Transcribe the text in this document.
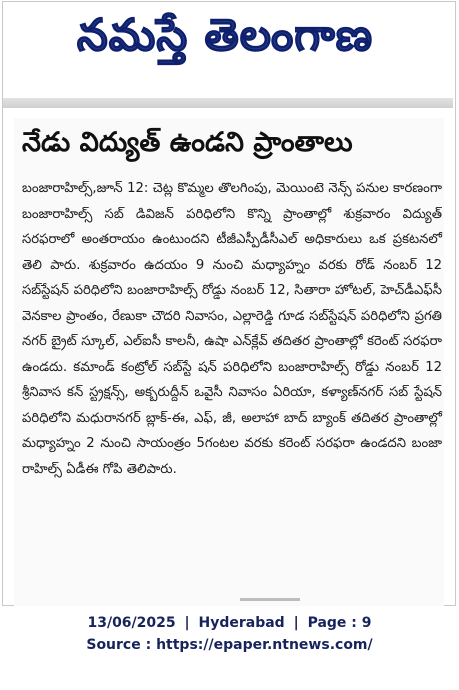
నమస్తే తెలంగాణ
నేడు విద్యుత్ ఉండని ప్రాంతాలు
బంజారాహిల్స్,జూన్ 12: చెట్ల కొమ్మల తొలగింపు, మెయింటె నెన్స్ పనుల కారణంగా బంజారాహిల్స్ సబ్ డివిజన్ పరిధిలోని కొన్ని ప్రాంతాల్లో శుక్రవారం విద్యుత్ సరఫరాలో అంతరాయం ఉంటుందని టీజీఎస్పీడీసీఎల్ అధికారులు ఒక ప్రకటనలో తెలి పారు. శుక్రవారం ఉదయం 9 నుంచి మధ్యాహ్నం వరకు రోడ్ నంబర్ 12 సబ్‌స్టేషన్ పరిధిలోని బంజారాహిల్స్ రోడ్డు నంబర్ 12, సితారా హోటల్, హెచ్‌డీఎఫ్‌సీ వెనకాల ప్రాంతం, రేణుకా చౌదరి నివాసం, ఎల్లారెడ్డి గూడ సబ్‌స్టేషన్ పరిధిలోని ప్రగతి నగర్ బ్రైట్ స్కూల్, ఎల్ఐసీ కాలనీ, ఉషా ఎన్‌క్లేవ్ తదితర ప్రాంతాల్లో కరెంట్ సరఫరా ఉండదు. కమాండ్ కంట్రోల్ సబ్‌స్టే షన్ పరిధిలోని బంజారాహిల్స్ రోడ్డు నంబర్ 12 శ్రీనివాస కన్ స్ట్రక్షన్స్, అక్బరుద్దీన్ ఒవైసీ నివాసం ఏరియా, కళ్యాణ్‌నగర్ సబ్ స్టేషన్ పరిధిలోని మధురానగర్ బ్లాక్-ఈ, ఎఫ్, జీ, అలాహా బాద్ బ్యాంక్ తదితర ప్రాంతాల్లో మధ్యాహ్నం 2 నుంచి సాయంత్రం 5గంటల వరకు కరెంట్ సరఫరా ఉండదని బంజా రాహిల్స్ ఏడీఈ గోపి తెలిపారు.
13/06/2025 | Hyderabad | Page : 9
Source : https://epaper.ntnews.com/
